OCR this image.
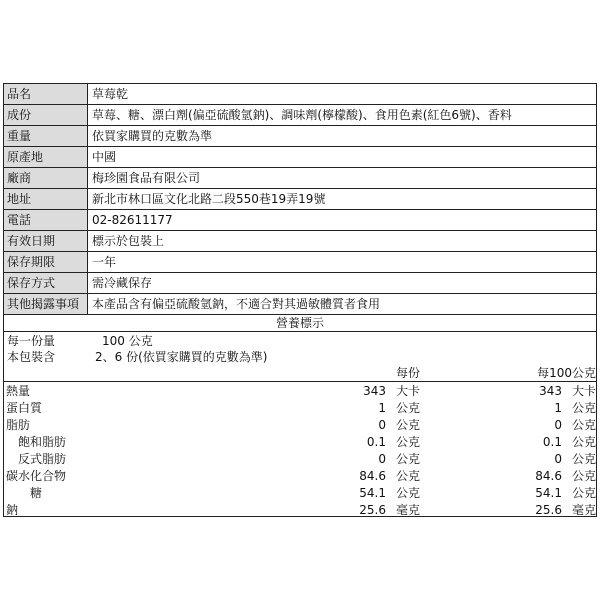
品名	草莓乾
成份	草莓、糖、漂白劑(偏亞硫酸氫鈉)、調味劑(檸檬酸)、食用色素(紅色6號)、香料
重量	依買家購買的克數為準
原產地	中國
廠商	梅珍園食品有限公司
地址	新北市林口區文化北路二段550巷19弄19號
電話	02-82611177
有效日期	標示於包裝上
保存期限	一年
保存方式	需冷藏保存
其他揭露事項	本產品含有偏亞硫酸氫鈉，不適合對其過敏體質者食用
營養標示
每一份量	100 公克
本包裝含	2、6 份(依買家購買的克數為準)
每份	每100公克
熱量	343 大卡	343 大卡
蛋白質	1 公克	1 公克
脂肪	0 公克	0 公克
飽和脂肪	0.1 公克	0.1 公克
反式脂肪	0 公克	0 公克
碳水化合物	84.6 公克	84.6 公克
糖	54.1 公克	54.1 公克
鈉	25.6 毫克	25.6 毫克
